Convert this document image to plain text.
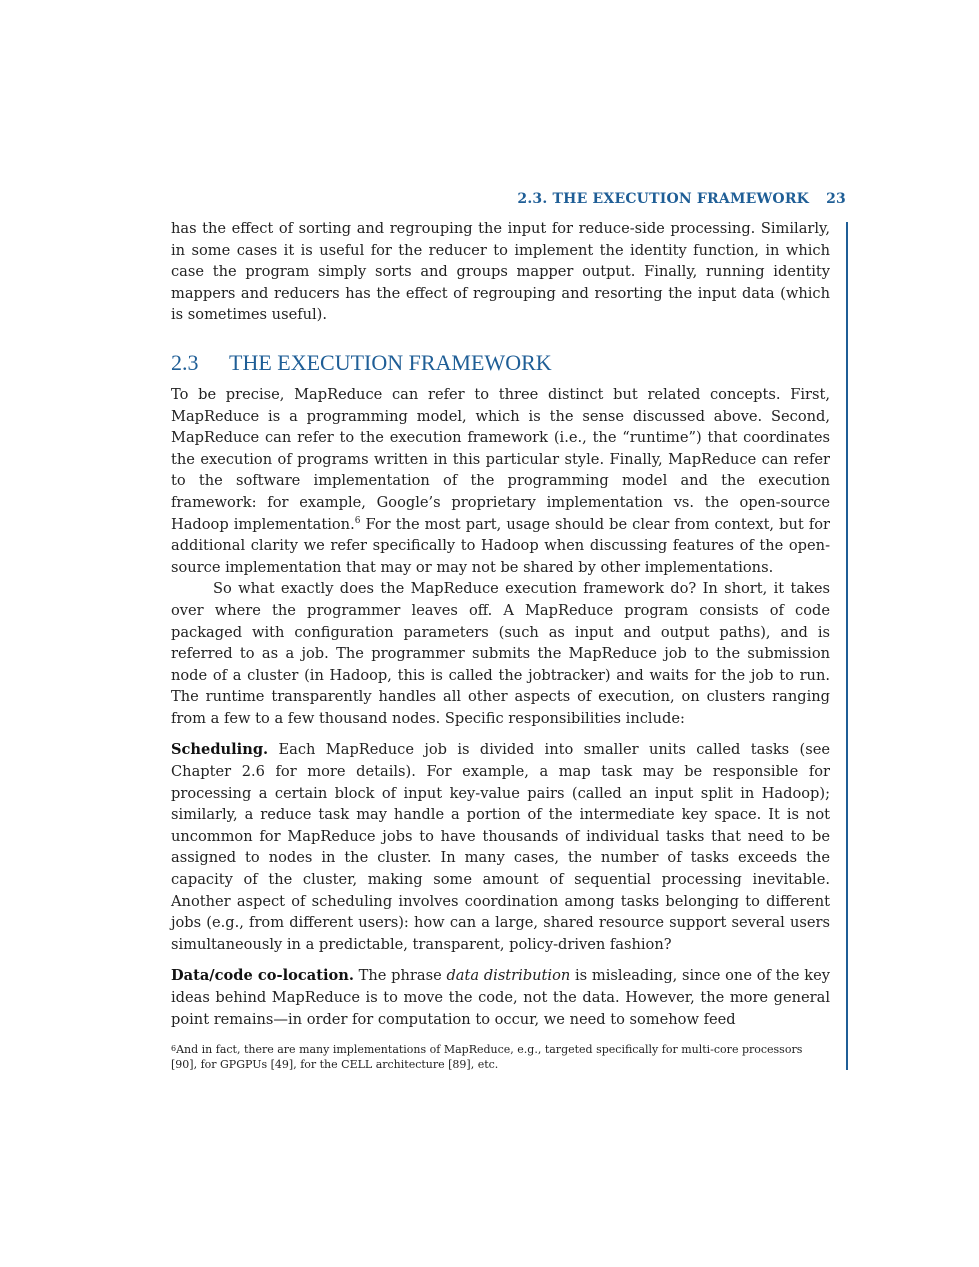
2.3. THE EXECUTION FRAMEWORK 23

has the effect of sorting and regrouping the input for reduce-side processing. Similarly, in some cases it is useful for the reducer to implement the identity function, in which case the program simply sorts and groups mapper output. Finally, running identity mappers and reducers has the effect of regrouping and resorting the input data (which is sometimes useful).

2.3 THE EXECUTION FRAMEWORK

To be precise, MapReduce can refer to three distinct but related concepts. First, MapReduce is a programming model, which is the sense discussed above. Second, MapReduce can refer to the execution framework (i.e., the “runtime”) that coordinates the execution of programs written in this particular style. Finally, MapReduce can refer to the software implementation of the programming model and the execution framework: for example, Google’s proprietary implementation vs. the open-source Hadoop implementation.$^6$ For the most part, usage should be clear from context, but for additional clarity we refer specifically to Hadoop when discussing features of the open-source implementation that may or may not be shared by other implementations.

So what exactly does the MapReduce execution framework do? In short, it takes over where the programmer leaves off. A MapReduce program consists of code packaged with configuration parameters (such as input and output paths), and is referred to as a job. The programmer submits the MapReduce job to the submission node of a cluster (in Hadoop, this is called the jobtracker) and waits for the job to run. The runtime transparently handles all other aspects of execution, on clusters ranging from a few to a few thousand nodes. Specific responsibilities include:

Scheduling. Each MapReduce job is divided into smaller units called tasks (see Chapter 2.6 for more details). For example, a map task may be responsible for processing a certain block of input key-value pairs (called an input split in Hadoop); similarly, a reduce task may handle a portion of the intermediate key space. It is not uncommon for MapReduce jobs to have thousands of individual tasks that need to be assigned to nodes in the cluster. In many cases, the number of tasks exceeds the capacity of the cluster, making some amount of sequential processing inevitable. Another aspect of scheduling involves coordination among tasks belonging to different jobs (e.g., from different users): how can a large, shared resource support several users simultaneously in a predictable, transparent, policy-driven fashion?

Data/code co-location. The phrase data distribution is misleading, since one of the key ideas behind MapReduce is to move the code, not the data. However, the more general point remains—in order for computation to occur, we need to somehow feed

$^6$And in fact, there are many implementations of MapReduce, e.g., targeted specifically for multi-core processors [90], for GPGPUs [49], for the CELL architecture [89], etc.
